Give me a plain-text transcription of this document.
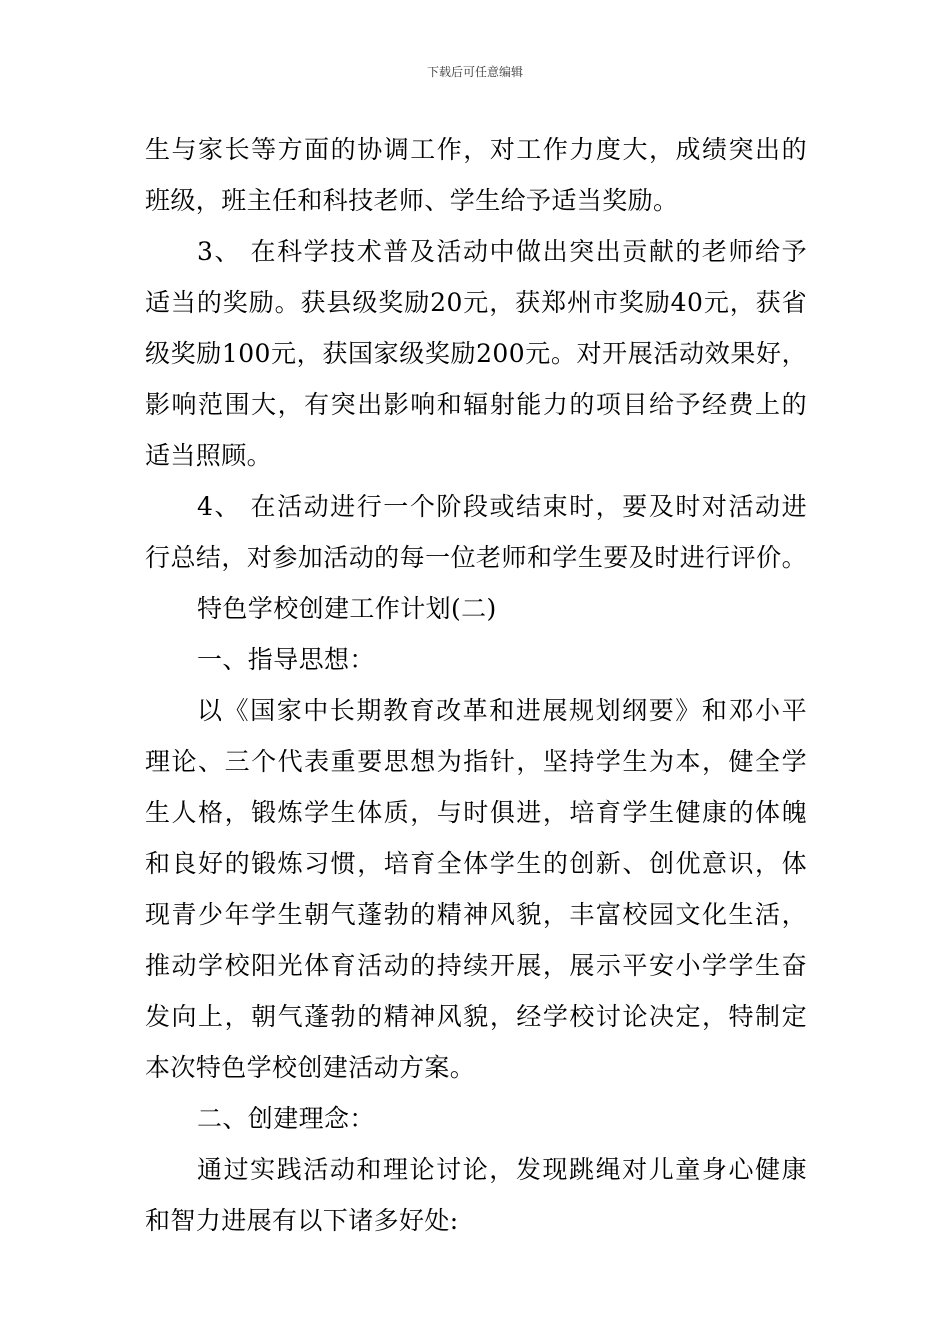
下载后可任意编辑
生与家长等方面的协调工作，对工作力度大，成绩突出的
班级，班主任和科技老师、学生给予适当奖励。
3、 在科学技术普及活动中做出突出贡献的老师给予
适当的奖励。获县级奖励20元，获郑州市奖励40元，获省
级奖励100元，获国家级奖励200元。对开展活动效果好，
影响范围大，有突出影响和辐射能力的项目给予经费上的
适当照顾。
4、 在活动进行一个阶段或结束时，要及时对活动进
行总结，对参加活动的每一位老师和学生要及时进行评价。
特色学校创建工作计划(二)
一、指导思想：
以《国家中长期教育改革和进展规划纲要》和邓小平
理论、三个代表重要思想为指针，坚持学生为本，健全学
生人格，锻炼学生体质，与时俱进，培育学生健康的体魄
和良好的锻炼习惯，培育全体学生的创新、创优意识，体
现青少年学生朝气蓬勃的精神风貌，丰富校园文化生活，
推动学校阳光体育活动的持续开展，展示平安小学学生奋
发向上，朝气蓬勃的精神风貌，经学校讨论决定，特制定
本次特色学校创建活动方案。
二、创建理念：
通过实践活动和理论讨论，发现跳绳对儿童身心健康
和智力进展有以下诸多好处:
